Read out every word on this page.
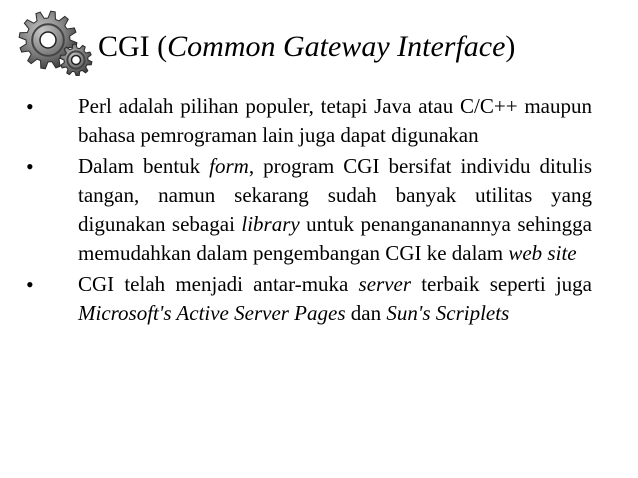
CGI (Common Gateway Interface)
• Perl adalah pilihan populer, tetapi Java atau C/C++ maupun bahasa pemrograman lain juga dapat digunakan
• Dalam bentuk form, program CGI bersifat individu ditulis tangan, namun sekarang sudah banyak utilitas yang digunakan sebagai library untuk penangananannya sehingga memudahkan dalam pengembangan CGI ke dalam web site
• CGI telah menjadi antar-muka server terbaik seperti juga Microsoft's Active Server Pages dan Sun's Scriplets
